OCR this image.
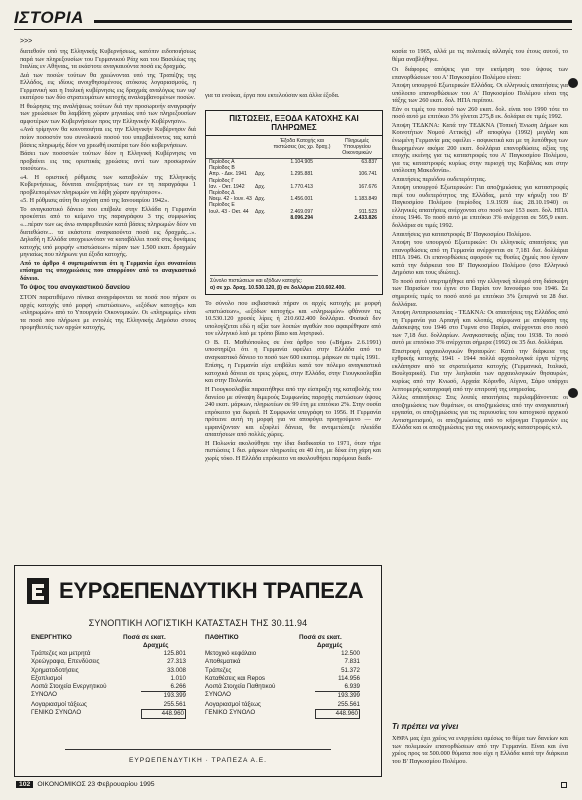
ΙΣΤΟΡΙΑ
>>>

διατεθούν υπό της Ελληνικής Κυβερνήσεως, κατόπιν ειδοποιήσεως παρά των πληρεξουσίων του Γερμανικού Ράιχ και του Βασιλέως της Ιταλίας εν Αθήναις, τα εκάστοτε αναγκαιούντα ποσά εις δραχμάς.

Διά των ποσών τούτων θα χρεώνονται υπό της Τραπέζης της Ελλάδος, εις ιδίους ανοιχθησομένους ατόκους λογαριασμούς, η Γερμανική και η Ιταλική κυβέρνησις εις δραχμάς αναλόγως των υφ' εκατέρου των δύο στρατευμάτων κατοχής αναλαμβανομένων ποσών.

Η θεώρησις της αναλήψεως τούτων διά την προσωρινήν αναγραφήν των χρεώσεων θα λαμβάνη χώραν μηνιαίως υπό των πληρεξουσίων αμφοτέρων των Κυβερνήσεων προς την Ελληνικήν Κυβέρνησιν».

«Ανά τρίμηνον θα κοινοποιήται εις την Ελληνικήν Κυβέρνησιν διά ποίον ποσοστόν του συνολικού ποσού του υπερβαίνοντος τας κατά βάσεις πληρωμής δέον να χρεωθή εκατέρα των δύο κυβερνήσεων.

Βάσει των ποσοστών τούτων δέον η Ελληνική Κυβέρνησις να προβαίνει εις τας οριστικάς χρεώσεις αντί των προσωρινών τοιούτων».

«4. Η οριστική ρύθμισις των καταβολών της Ελληνικής Κυβερνήσεως, δύναται ανεξαρτήτως των εν τη παραγράφω 1 προβλεπομένων πληρωμών να λάβη χώραν αργότερον».

«5. Η ρύθμισις αύτη θα ισχύση από της Ιανουαρίου 1942».

Το αναγκαστικό δάνειο που επέβαλε στην Ελλάδα η Γερμανία προκύπτει από το κείμενο της παραγράφου 3 της συμφωνίας «...πέραν των ως άνω αναφερθεισών κατά βάσεις πληρωμών δέον να διατεθώσιν... τα εκάστοτε αναγκαιούντα ποσά εις δραχμάς...». Δηλαδή η Ελλάδα υποχρεωνόταν να καταβάλλει ποσά στις δυνάμεις κατοχής υπό μορφήν «πιστώσεων» πέραν των 1.500 εκατ. δραχμών μηνιαίως που πλήρωνε για έξοδα κατοχής.

Από το άρθρο 4 συμπεραίνεται ότι η Γερμανία έχει συναινέσει επίσημα τις υποχρεώσεις που απορρέουν από το αναγκαστικό δάνειο.

Το ύψος του αναγκαστικού δανείου

ΣΤΟΝ παρατιθέμενο πίνακα αναγράφονται τα ποσά που πήραν οι αρχές κατοχής υπό μορφή «πιστώσεων», «εξόδων κατοχής» και «πληρωμών» από το Υπουργείο Οικονομικών. Οι «πληρωμές» είναι τα ποσά που πλήρωνε με εντολές της Ελληνικής Δημόσιο στους προμηθευτές των αρχών κατοχής,

για τα ενοίκια, έργα που εκτελούσαν και άλλα έξοδα.

ΠΙΣΤΩΣΕΙΣ, ΕΞΟΔΑ ΚΑΤΟΧΗΣ ΚΑΙ ΠΛΗΡΩΜΕΣ
Έξοδα Κατοχής και πιστώσεις (εις χρ. δραχ.)
Πληρωμές Υπουργείου Οικονομικών
Περίοδος Α	1.104.905	63.837
Περίοδος Β
Απρ. - Δεκ. 1941	Δρχ.	1.295.881	106.741
Περίοδος Γ
Ιαν. - Οκτ. 1942	Δρχ.	1.770.413	167.676
Περίοδος Δ
Νοεμ. 42 - Ιουν. 43 Δρχ.	1.456.001	1.183.849
Περίοδος Ε
Ιουλ. 43 - Οκτ. 44	Δρχ.	2.469.097	911.523
8.096.294	2.433.826
Σύνολο πιστώσεων και εξόδων κατοχής:
α) σε χρ. δραχ. 10.530.120, β) σε δολλάρια 210.602.400.

Το σύνολο που εκβιαστικά πήραν οι αρχές κατοχής με μορφή «πιστώσεων», «εξόδων κατοχής» και «πληρωμών» φθάνουν τις 10.530.120 χρυσές λίρες ή 210.602.400 δολλάρια. Φυσικά δεν υπολογίζεται εδώ η αξία των λοιπών αγαθών που αφαιρέθηκαν από τον ελληνικό λαό με τρόπο βίαιο και ληστρικό.

Ο Β. Π. Μαθιόπουλος σε ένα άρθρο του («Βήμα» 2.6.1991) υποστηρίζει ότι η Γερμανία οφείλει στην Ελλάδα από το αναγκαστικό δάνειο το ποσό των 600 εκατομ. μάρκων σε τιμές 1991.

Επίσης, η Γερμανία είχε επιβάλει κατά τον πόλεμο αναγκαστικά κατοχικά δάνεια σε τρεις χώρες, στην Ελλάδα, στην Γιουγκοσλαβία και στην Πολωνία.

Η Γιουγκοσλαβία παραιτήθηκε από την είσπραξη της καταβολής του δανείου με σύναψη διμερούς Συμφωνίας παροχής πιστώσεων ύψους 240 εκατ. μάρκων, πληρωτέων σε 99 έτη με επιτόκιο 2%. Στην ουσία επρόκειτο για δωρεά. Η Συμφωνία υπεγράφη το 1956. Η Γερμανία πρότεινε αυτή τη μορφή για να αποφύγει προηγούμενο — αν εμφανίζονταν και εξοφλεί δάνεια, θα αντιμετώπιζε πλειάδα απαιτήσεων από πολλές χώρες.

Η Πολωνία ακολούθησε την ίδια διαδικασία το 1971, όταν τήρε πιστώσεις 1 δισ. μάρκων πληρωτέες σε 40 έτη, με δέκα έτη χάρη και χωρίς τόκο. Η Ελλάδα επρόκειτο να ακολουθήσει παρόμοια διαδι-

κασία το 1965, αλλά με τις πολιτικές αλλαγές του έτους αυτού, το θέμα αναβλήθηκε.

Οι διάφορες απόψεις για την εκτίμηση του ύψους των επανορθώσεων του Α' Παγκοσμίου Πολέμου είναι:

Άποψη υπουργού Εξωτερικών Ελλάδας. Οι ελληνικές απαιτήσεις για υπόλοιπο επανορθώσεων του Α' Παγκοσμίου Πολέμου είναι της τάξης των 260 εκατ. δολ. ΗΠΑ περίπου.

Εάν οι τιμές του ποσού των 260 εκατ. δολ. είναι του 1990 τότε το ποσό αυτό με επιτόκιο 3% γίνεται 275,8 εκ. δολάρια σε τιμές 1992.

Άποψη ΤΕΔΚΝΑ: Κατά την ΤΕΔΚΝΑ (Τοπική Ένωση Δήμων και Κοινοτήτων Νομού Αττικής) «θ' αποφύγω (1992) μεγάλη και ένωμένη Γερμανία μας οφείλει - ασφυκτικά και με τη λυπόθηκη των θεωρημένων ακόμα 200 εκατ. δολλάρια επανορθώσεις αξίας της εποχής εκείνης για τις καταστροφές του Α' Παγκοσμίου Πολέμου, για τις καταστροφές κυρίως στην περιοχή της Καβάλας και στην υπόλοιπη Μακεδονία».

Απαιτήσεις περιόδου ουδετερότητας.

Άποψη υπουργού Εξωτερικών: Για αποζημιώσεις για καταστροφές περί του ουδετερότητος της Ελλάδας, μετά την κήρυξη του Β' Παγκοσμίου Πολέμου (περίοδος 1.9.1939 έως 28.10.1940) οι ελληνικές απαιτήσεις ανέρχονται στο ποσό των 153 εκατ. δολ. ΗΠΑ έτους 1946. Το ποσό αυτό με επιτόκιο 3% ανέρχεται σε 595,9 εκατ. δολλάρια σε τιμές 1992.

Απαιτήσεις για καταστροφές Β' Παγκοσμίου Πολέμου.

Άποψη του υπουργού Εξωτερικών: Οι ελληνικές απαιτήσεις για επανορθώσεις από τη Γερμανία ανέρχονται σε 7,181 δισ. δολλάρια ΗΠΑ 1946. Οι επανορθώσεις αφορούν τις θυσίες ζημιές που έγιναν κατά την διάρκεια του Β' Παγκοσμίου Πολέμου (στο Ελληνικό Δημόσιο και τους ιδιώτες).

Το ποσό αυτό υπερτιμήθηκε από την ελληνική πλευρά στη διάσκεψη των Παρισίων του έγινε στο Παρίσι τον Ιανουάριο του 1946. Σε σημερινές τιμές το ποσό αυτό με επιτόκιο 3% ξεπερνά τα 28 δισ. δολλάρια.

Άποψη Αντιπροσωπείας - ΤΕΔΚΝΑ: Οι απαιτήσεις της Ελλάδος από τη Γερμανία για Αρπαγή και κλοπές, σύμφωνα με απόφαση της Διάσκεψης του 1946 στο Γυμνα στο Παρίσι, ανέρχονται στο ποσό των 7,18 δισ. δολλαρίων. Αναγκαστικής αξίας του 1938. Το ποσό αυτό με επιτόκιο 3% ανέρχεται σήμερα (1992) σε 35 δισ. δολλάρια.

Επιστροφή αρχαιολογικών θησαυρών: Κατά την διάρκεια της εχθρικής κατοχής 1941 - 1944 πολλά αρχαιολογικά έργα τέχνης εκλάπησαν από τα στρατεύματα κατοχής (Γερμανικά, Ιταλικά, Βουλγαρικά). Για την λεηλασία των αρχαιολογικών θησαυρών, κυρίως από την Κνωσό, Αρχαία Κόρινθο, Αίγινα, Σάμο υπάρχει λεπτομερής καταγραφή από την επιτροπή της υπηρεσίας.

Άλλες απαιτήσεις: Στις λοιπές απαιτήσεις περιλαμβάνονται: οι αποζημιώσεις των θυμάτων, οι αποζημιώσεις από την αναγκαστική εργασία, οι αποζημιώσεις για τις περιουσίες του κατοχικού αρχικού Αντισημιτισμού, οι αποζημιώσεις από το κήρυγμα Γερμανών εις Ελλάδα και οι αποζημιώσεις για της οικονομικής καταστροφές κτλ.

Τι πρέπει να γίνει

ΧΘΡΑ μας έχει χρέος να ενεργείσει αμέσως το θέμα των δανείων και των πολεμικών επανορθώσεων από την Γερμανία. Είναι και ένα χρέος προς τα 500.000 θύματα που είχε η Ελλάδα κατά την διάρκεια του Β' Παγκοσμίου Πολέμου.

ΕΥΡΩΕΠΕΝΔΥΤΙΚΗ ΤΡΑΠΕΖΑ
ΣΥΝΟΠΤΙΚΗ ΛΟΓΙΣΤΙΚΗ ΚΑΤΑΣΤΑΣΗ ΤΗΣ 30.11.94
ΕΝΕΡΓΗΤΙΚΟ	Ποσά σε εκατ.	ΠΑΘΗΤΙΚΟ	Ποσά σε εκατ.
Δραχμές	Δραχμές
Τράπεζες και μετρητά	125.801
Χρεώγραφα, Επενδύσεις	27.313
Χρηματοδοτήσεις	33.008
Εξοπλισμοί	1.010
Λοιπά Στοιχεία Ενεργητικού	6.266
ΣΥΝΟΛΟ	193.399
Λογαριασμοί τάξεως	255.561
ΓΕΝΙΚΟ ΣΥΝΟΛΟ	448.960
Μετοχικό κεφάλαιο	12.500
Αποθεματικά	7.831
Τράπεζες	51.372
Καταθέσεις και Repos	114.956
Λοιπά Στοιχεία Παθητικού	6.939
ΣΥΝΟΛΟ	193.399
Λογαριασμοί τάξεως	255.561
ΓΕΝΙΚΟ ΣΥΝΟΛΟ	448.960
ΕΥΡΩΕΠΕΝΔΥΤΙΚΗ · ΤΡΑΠΕΖΑ Α.Ε.
102	ΟΙΚΟΝΟΜΙΚΟΣ 23 Φεβρουαρίου 1995
